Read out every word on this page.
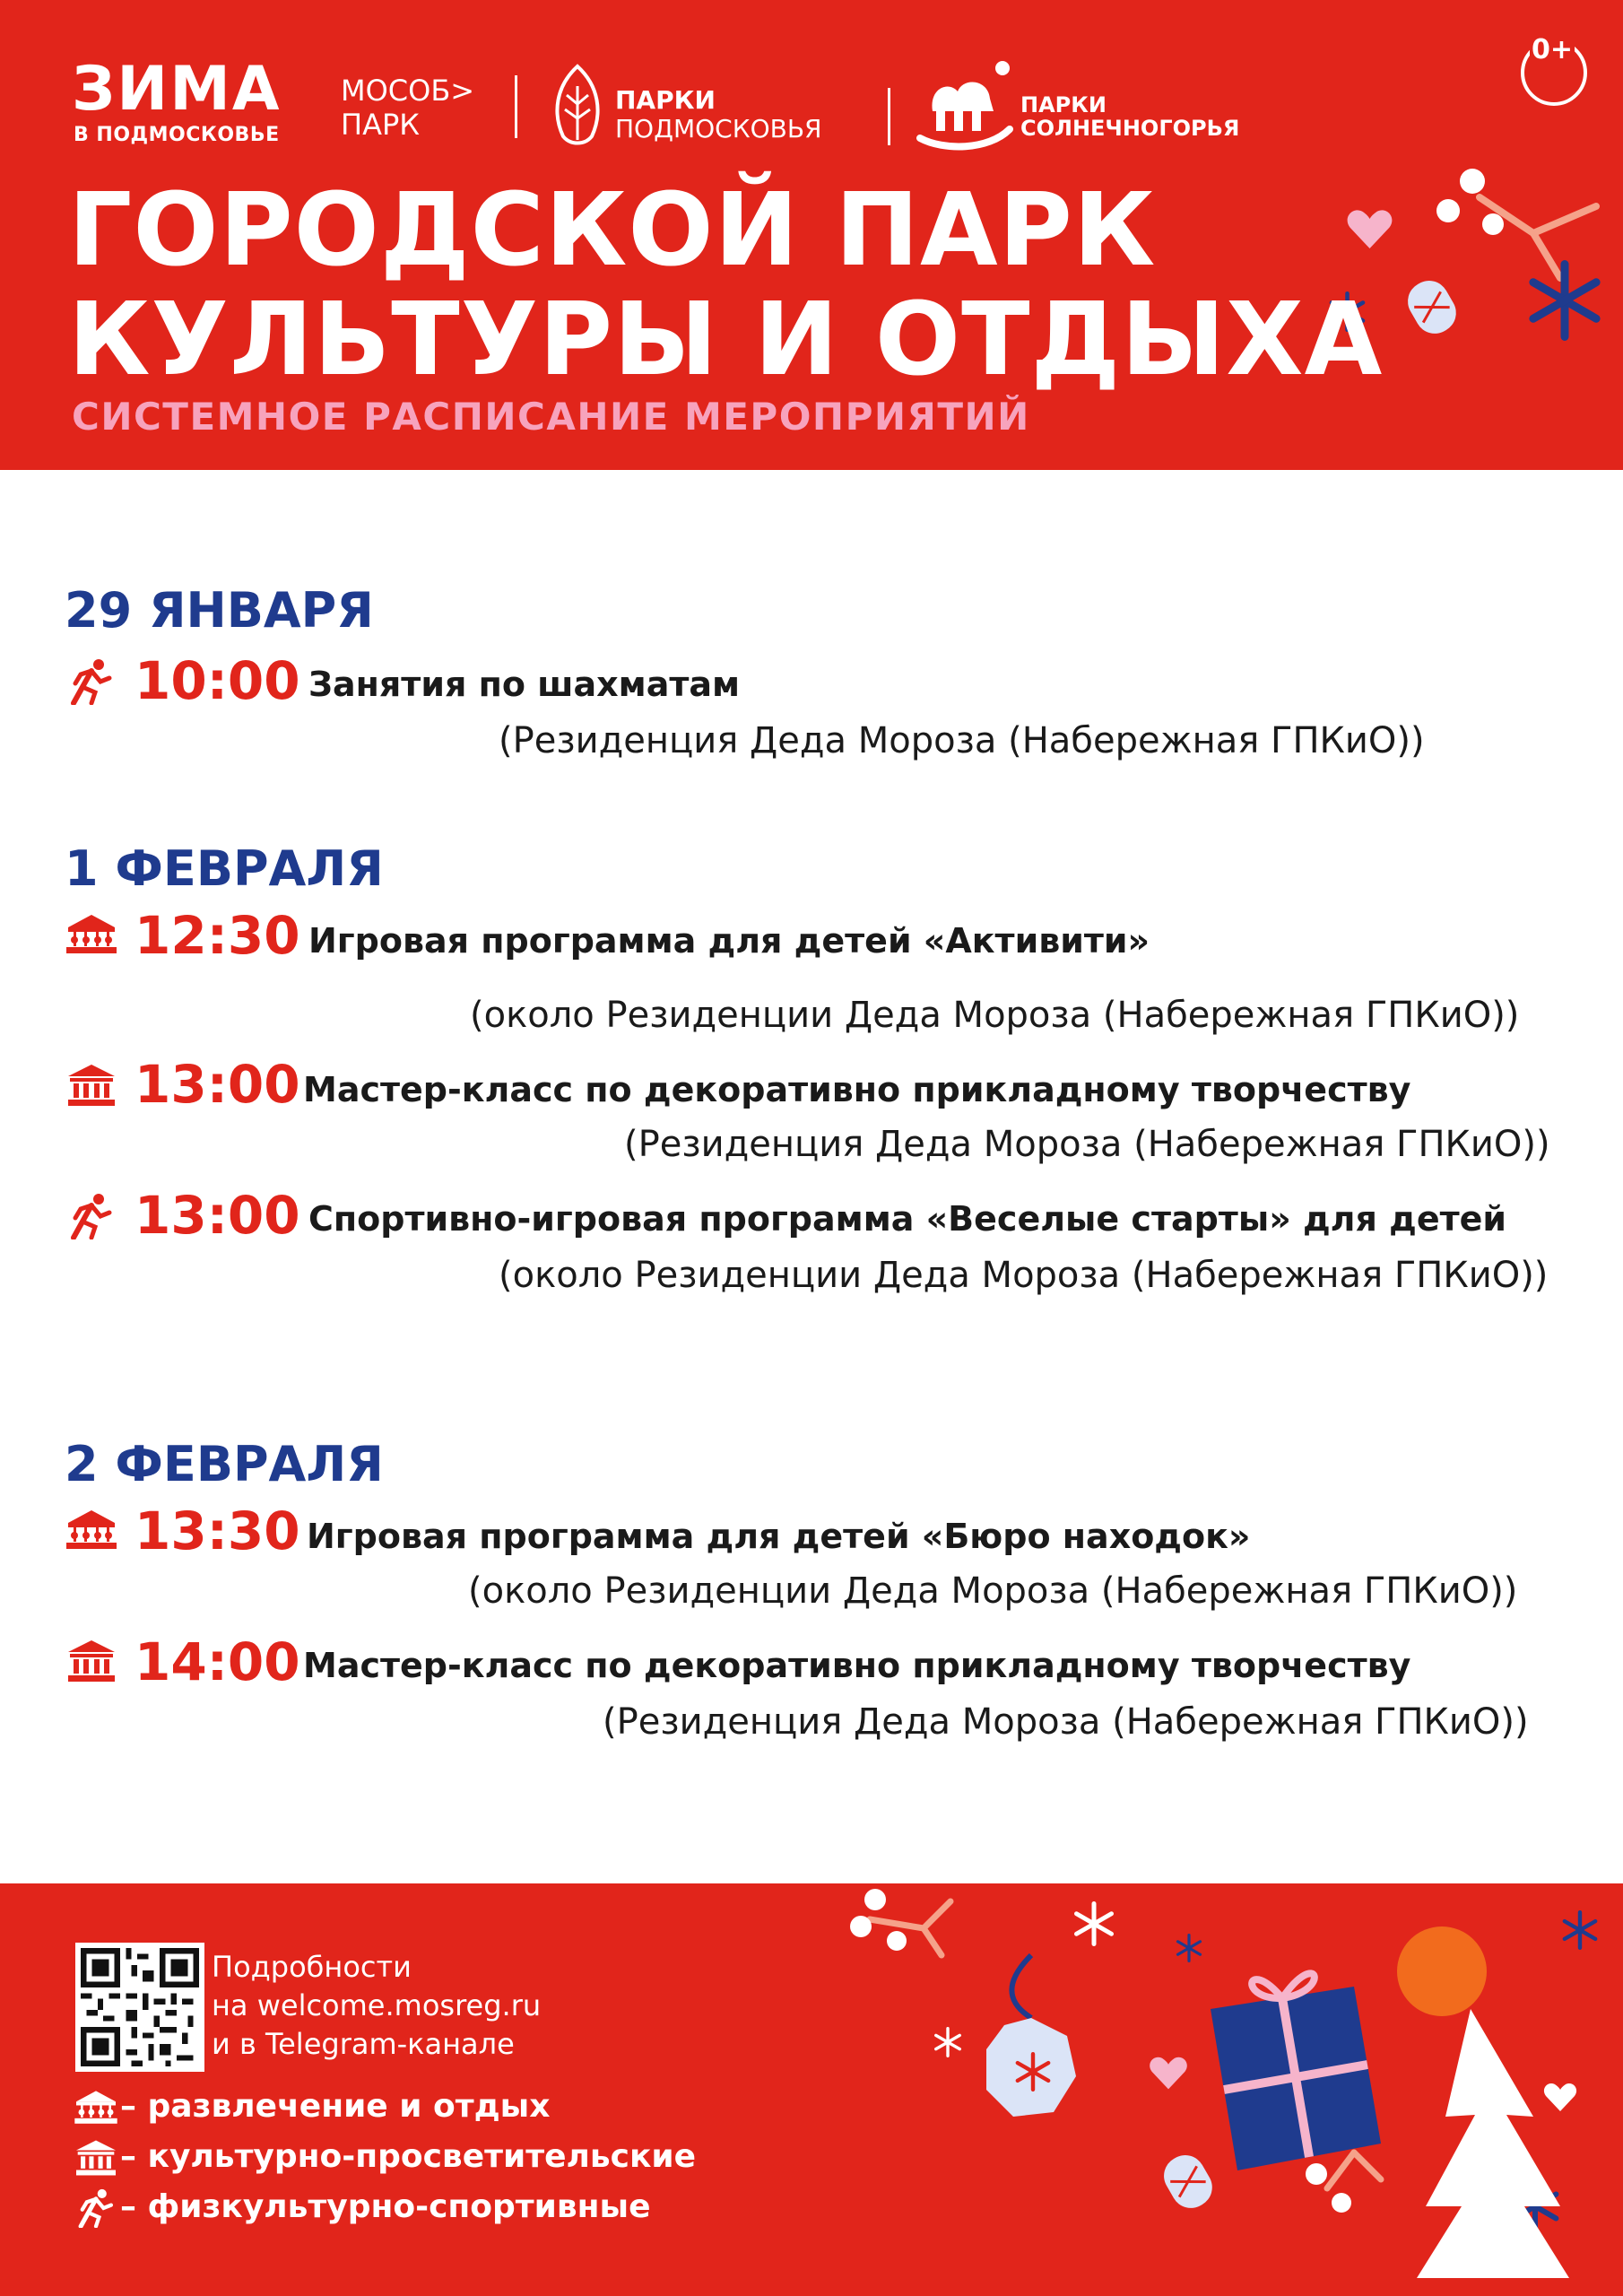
ЗИМА
В ПОДМОСКОВЬЕ
МОСОБ>
ПАРК
ПАРКИ
ПОДМОСКОВЬЯ
ПАРКИ
СОЛНЕЧНОГОРЬЯ
0+
ГОРОДСКОЙ ПАРК
КУЛЬТУРЫ И ОТДЫХА
СИСТЕМНОЕ РАСПИСАНИЕ МЕРОПРИЯТИЙ
29 ЯНВАРЯ
10:00 Занятия по шахматам
(Резиденция Деда Мороза (Набережная ГПКиО))
1 ФЕВРАЛЯ
12:30 Игровая программа для детей «Активити»
(около Резиденции Деда Мороза (Набережная ГПКиО))
13:00 Мастер-класс по декоративно прикладному творчеству
(Резиденция Деда Мороза (Набережная ГПКиО))
13:00 Спортивно-игровая программа «Веселые старты» для детей
(около Резиденции Деда Мороза (Набережная ГПКиО))
2 ФЕВРАЛЯ
13:30 Игровая программа для детей «Бюро находок»
(около Резиденции Деда Мороза (Набережная ГПКиО))
14:00 Мастер-класс по декоративно прикладному творчеству
(Резиденция Деда Мороза (Набережная ГПКиО))
Подробности
на welcome.mosreg.ru
и в Telegram-канале
– развлечение и отдых
– культурно-просветительские
– физкультурно-спортивные
